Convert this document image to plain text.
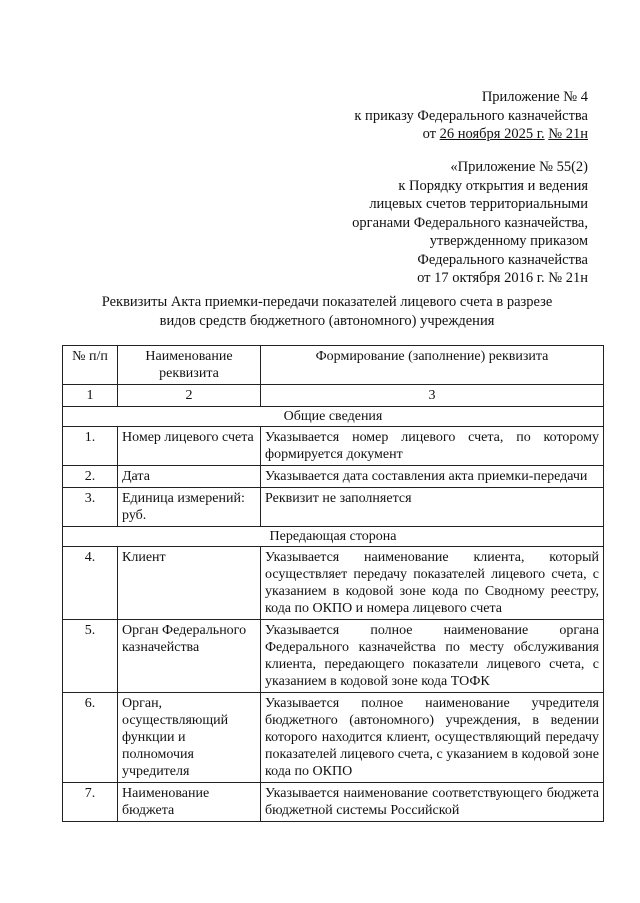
Приложение № 4
к приказу Федерального казначейства
от 26 ноября 2025 г. № 21н
«Приложение № 55(2)
к Порядку открытия и ведения
лицевых счетов территориальными
органами Федерального казначейства,
утвержденному приказом
Федерального казначейства
от 17 октября 2016 г. № 21н
Реквизиты Акта приемки-передачи показателей лицевого счета в разрезе
видов средств бюджетного (автономного) учреждения
№ п/п	Наименование реквизита	Формирование (заполнение) реквизита
1	2	3
Общие сведения		
1.	Номер лицевого счета	Указывается номер лицевого счета, по которому формируется документ
2.	Дата	Указывается дата составления акта приемки-передачи
3.	Единица измерений: руб.	Реквизит не заполняется
Передающая сторона		
4.	Клиент	Указывается наименование клиента, который осуществляет передачу показателей лицевого счета, с указанием в кодовой зоне кода по Сводному реестру, кода по ОКПО и номера лицевого счета
5.	Орган Федерального казначейства	Указывается полное наименование органа Федерального казначейства по месту обслуживания клиента, передающего показатели лицевого счета, с указанием в кодовой зоне кода ТОФК
6.	Орган, осуществляющий функции и полномочия учредителя	Указывается полное наименование учредителя бюджетного (автономного) учреждения, в ведении которого находится клиент, осуществляющий передачу показателей лицевого счета, с указанием в кодовой зоне кода по ОКПО
7.	Наименование бюджета	Указывается наименование соответствующего бюджета бюджетной системы Российской
